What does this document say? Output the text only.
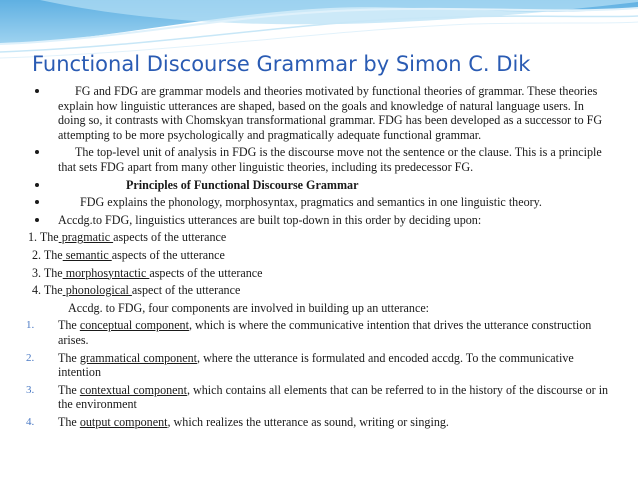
Functional Discourse Grammar by Simon C. Dik
FG and FDG are grammar models and theories motivated by functional theories of grammar. These theories explain how linguistic utterances are shaped, based on the goals and knowledge of natural language users. In doing so, it contrasts with Chomskyan transformational grammar. FDG has been developed as a successor to FG attempting to be more psychologically and pragmatically adequate functional grammar.
The top-level unit of analysis in FDG is the discourse move not the sentence or the clause. This is a principle that sets FDG apart from many other linguistic theories, including its predecessor FG.
Principles of Functional Discourse Grammar
FDG explains the phonology, morphosyntax, pragmatics and semantics in one linguistic theory.
Accdg.to FDG, linguistics utterances are built top-down in this order by deciding upon:
1. The pragmatic aspects of the utterance
2. The semantic aspects of the utterance
3. The morphosyntactic aspects of the utterance
4. The phonological aspect of the utterance
Accdg. to FDG, four components are involved in building up an utterance:
1. The conceptual component, which is where the communicative intention that drives the utterance construction arises.
2. The grammatical component, where the utterance is formulated and encoded accdg. To the communicative intention
3. The contextual component, which contains all elements that can be referred to in the history of the discourse or in the environment
4. The output component, which realizes the utterance as sound, writing or singing.
